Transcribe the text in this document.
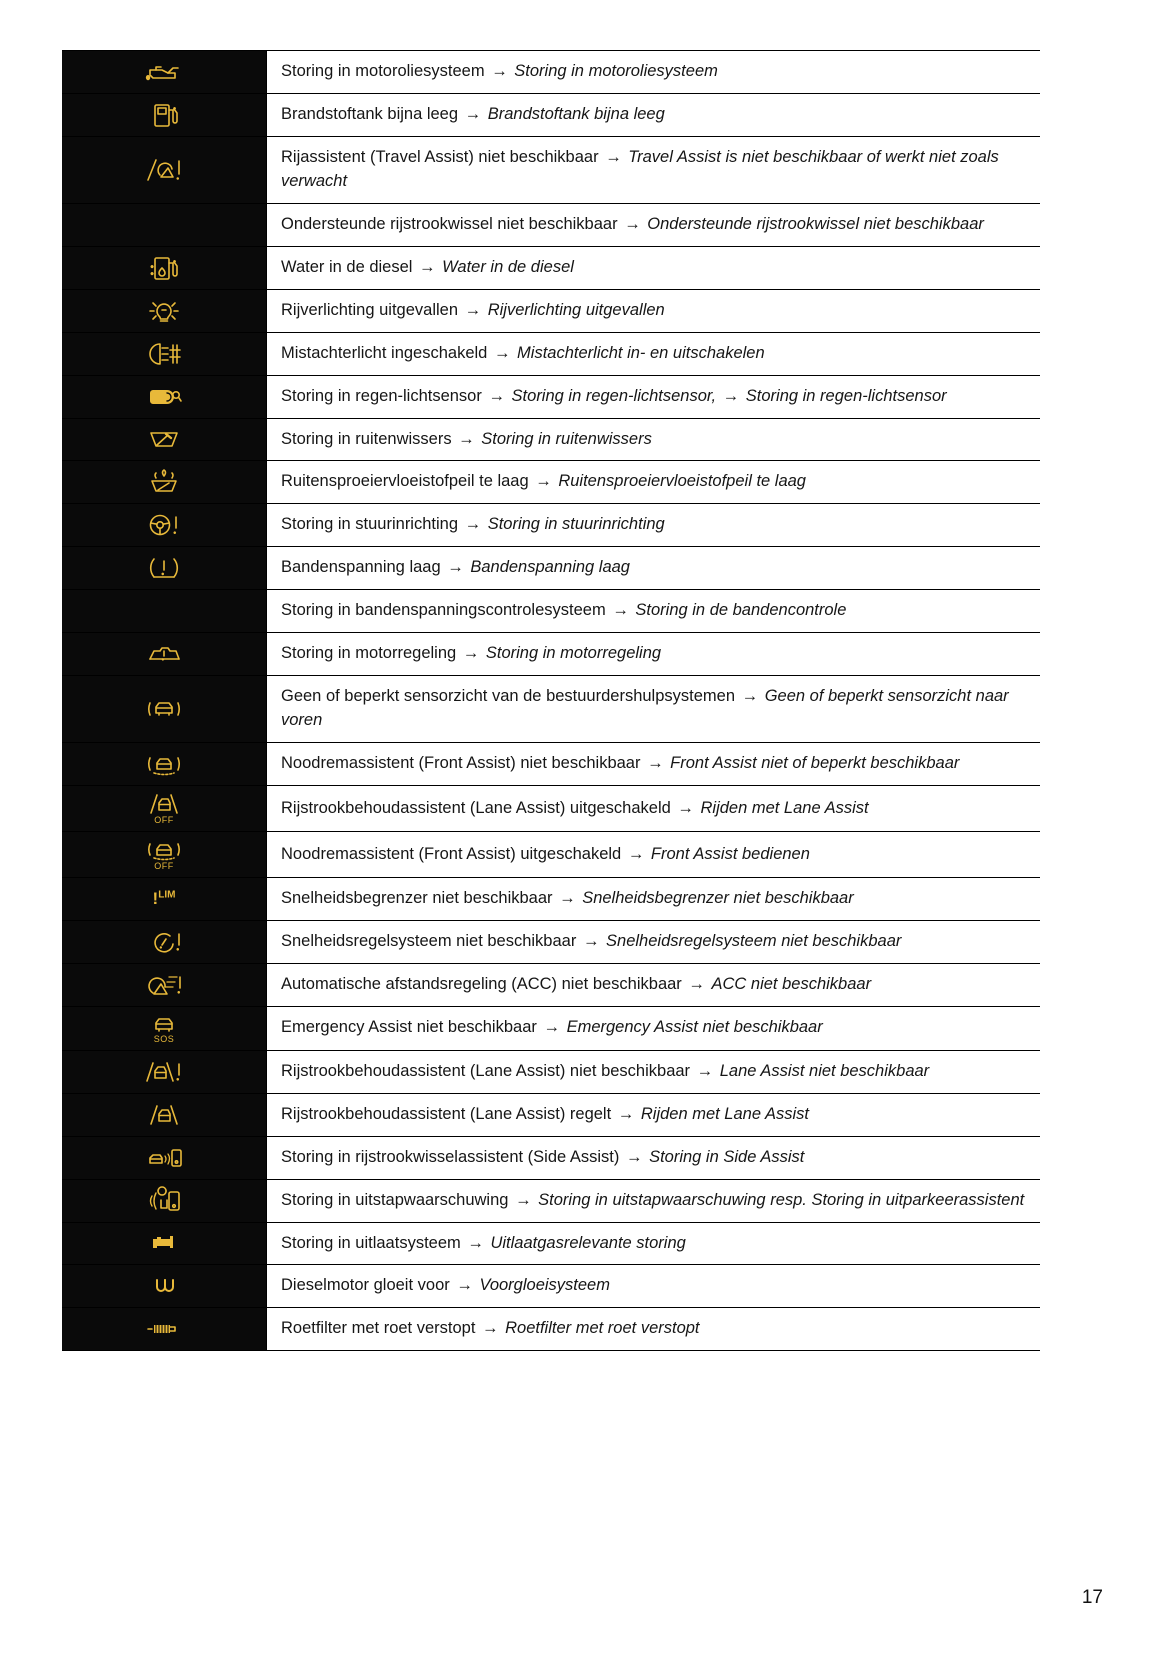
	Storing in motoroliesysteem → Storing in motoroliesysteem

	Brandstoftank bijna leeg → Brandstoftank bijna leeg

	Rijassistent (Travel Assist) niet beschikbaar → Travel Assist is niet beschikbaar of werkt niet zoals verwacht

	Ondersteunde rijstrookwissel niet beschikbaar → Ondersteunde rijstrookwissel niet beschikbaar

	Water in de diesel → Water in de diesel

	Rijverlichting uitgevallen → Rijverlichting uitgevallen

	Mistachterlicht ingeschakeld → Mistachterlicht in- en uitschakelen

	Storing in regen-lichtsensor → Storing in regen-lichtsensor, → Storing in regen-lichtsensor

	Storing in ruitenwissers → Storing in ruitenwissers

	Ruitensproeiervloeistofpeil te laag → Ruitensproeiervloeistofpeil te laag

	Storing in stuurinrichting → Storing in stuurinrichting

	Bandenspanning laag → Bandenspanning laag

	Storing in bandenspanningscontrolesysteem → Storing in de bandencontrole

	Storing in motorregeling → Storing in motorregeling

	Geen of beperkt sensorzicht van de bestuurdershulpsystemen → Geen of beperkt sensorzicht naar voren

	Noodremassistent (Front Assist) niet beschikbaar → Front Assist niet of beperkt beschikbaar

OFF	Rijstrookbehoudassistent (Lane Assist) uitgeschakeld → Rijden met Lane Assist

OFF	Noodremassistent (Front Assist) uitgeschakeld → Front Assist bedienen
!$^{LIM}$	Snelheidsbegrenzer niet beschikbaar → Snelheidsbegrenzer niet beschikbaar

	Snelheidsregelsysteem niet beschikbaar → Snelheidsregelsysteem niet beschikbaar

	Automatische afstandsregeling (ACC) niet beschikbaar → ACC niet beschikbaar

SOS	Emergency Assist niet beschikbaar → Emergency Assist niet beschikbaar

	Rijstrookbehoudassistent (Lane Assist) niet beschikbaar → Lane Assist niet beschikbaar

	Rijstrookbehoudassistent (Lane Assist) regelt → Rijden met Lane Assist

	Storing in rijstrookwisselassistent (Side Assist) → Storing in Side Assist

	Storing in uitstapwaarschuwing → Storing in uitstapwaarschuwing resp. Storing in uitparkeerassistent

	Storing in uitlaatsysteem → Uitlaatgasrelevante storing

	Dieselmotor gloeit voor → Voorgloeisysteem

	Roetfilter met roet verstopt → Roetfilter met roet verstopt
17
